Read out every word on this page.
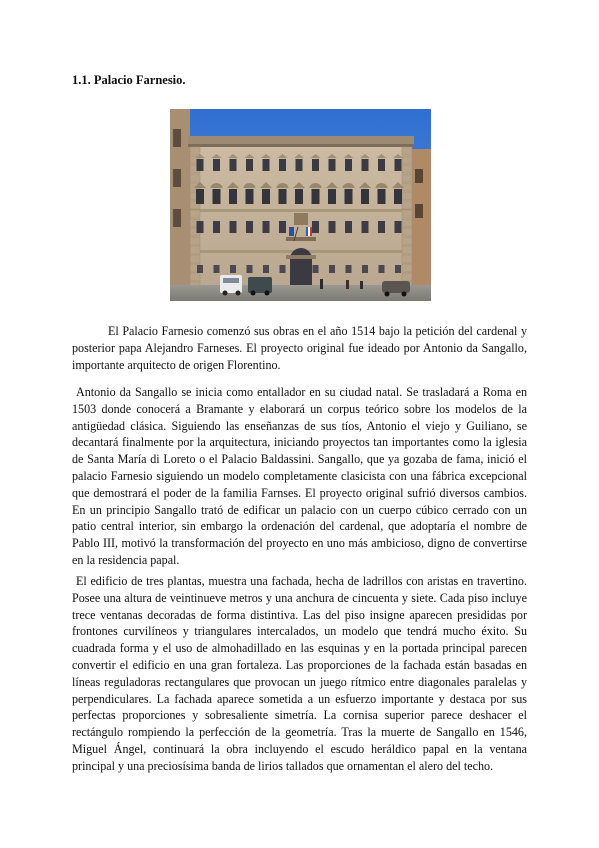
1.1. Palacio Farnesio.

El Palacio Farnesio comenzó sus obras en el año 1514 bajo la petición del cardenal y posterior papa Alejandro Farneses. El proyecto original fue ideado por Antonio da Sangallo, importante arquitecto de origen Florentino.

Antonio da Sangallo se inicia como entallador en su ciudad natal. Se trasladará a Roma en 1503 donde conocerá a Bramante y elaborará un corpus teórico sobre los modelos de la antigüedad clásica. Siguiendo las enseñanzas de sus tíos, Antonio el viejo y Guiliano, se decantará finalmente por la arquitectura, iniciando proyectos tan importantes como la iglesia de Santa María di Loreto o el Palacio Baldassini. Sangallo, que ya gozaba de fama, inició el palacio Farnesio siguiendo un modelo completamente clasicista con una fábrica excepcional que demostrará el poder de la familia Farnses. El proyecto original sufrió diversos cambios. En un principio Sangallo trató de edificar un palacio con un cuerpo cúbico cerrado con un patio central interior, sin embargo la ordenación del cardenal, que adoptaría el nombre de Pablo III, motivó la transformación del proyecto en uno más ambicioso, digno de convertirse en la residencia papal.

El edificio de tres plantas, muestra una fachada, hecha de ladrillos con aristas en travertino. Posee una altura de veintinueve metros y una anchura de cincuenta y siete. Cada piso incluye trece ventanas decoradas de forma distintiva. Las del piso insigne aparecen presididas por frontones curvilíneos y triangulares intercalados, un modelo que tendrá mucho éxito. Su cuadrada forma y el uso de almohadillado en las esquinas y en la portada principal parecen convertir el edificio en una gran fortaleza. Las proporciones de la fachada están basadas en líneas reguladoras rectangulares que provocan un juego rítmico entre diagonales paralelas y perpendiculares. La fachada aparece sometida a un esfuerzo importante y destaca por sus perfectas proporciones y sobresaliente simetría. La cornisa superior parece deshacer el rectángulo rompiendo la perfección de la geometría. Tras la muerte de Sangallo en 1546, Miguel Ángel, continuará la obra incluyendo el escudo heráldico papal en la ventana principal y una preciosísima banda de lirios tallados que ornamentan el alero del techo.
